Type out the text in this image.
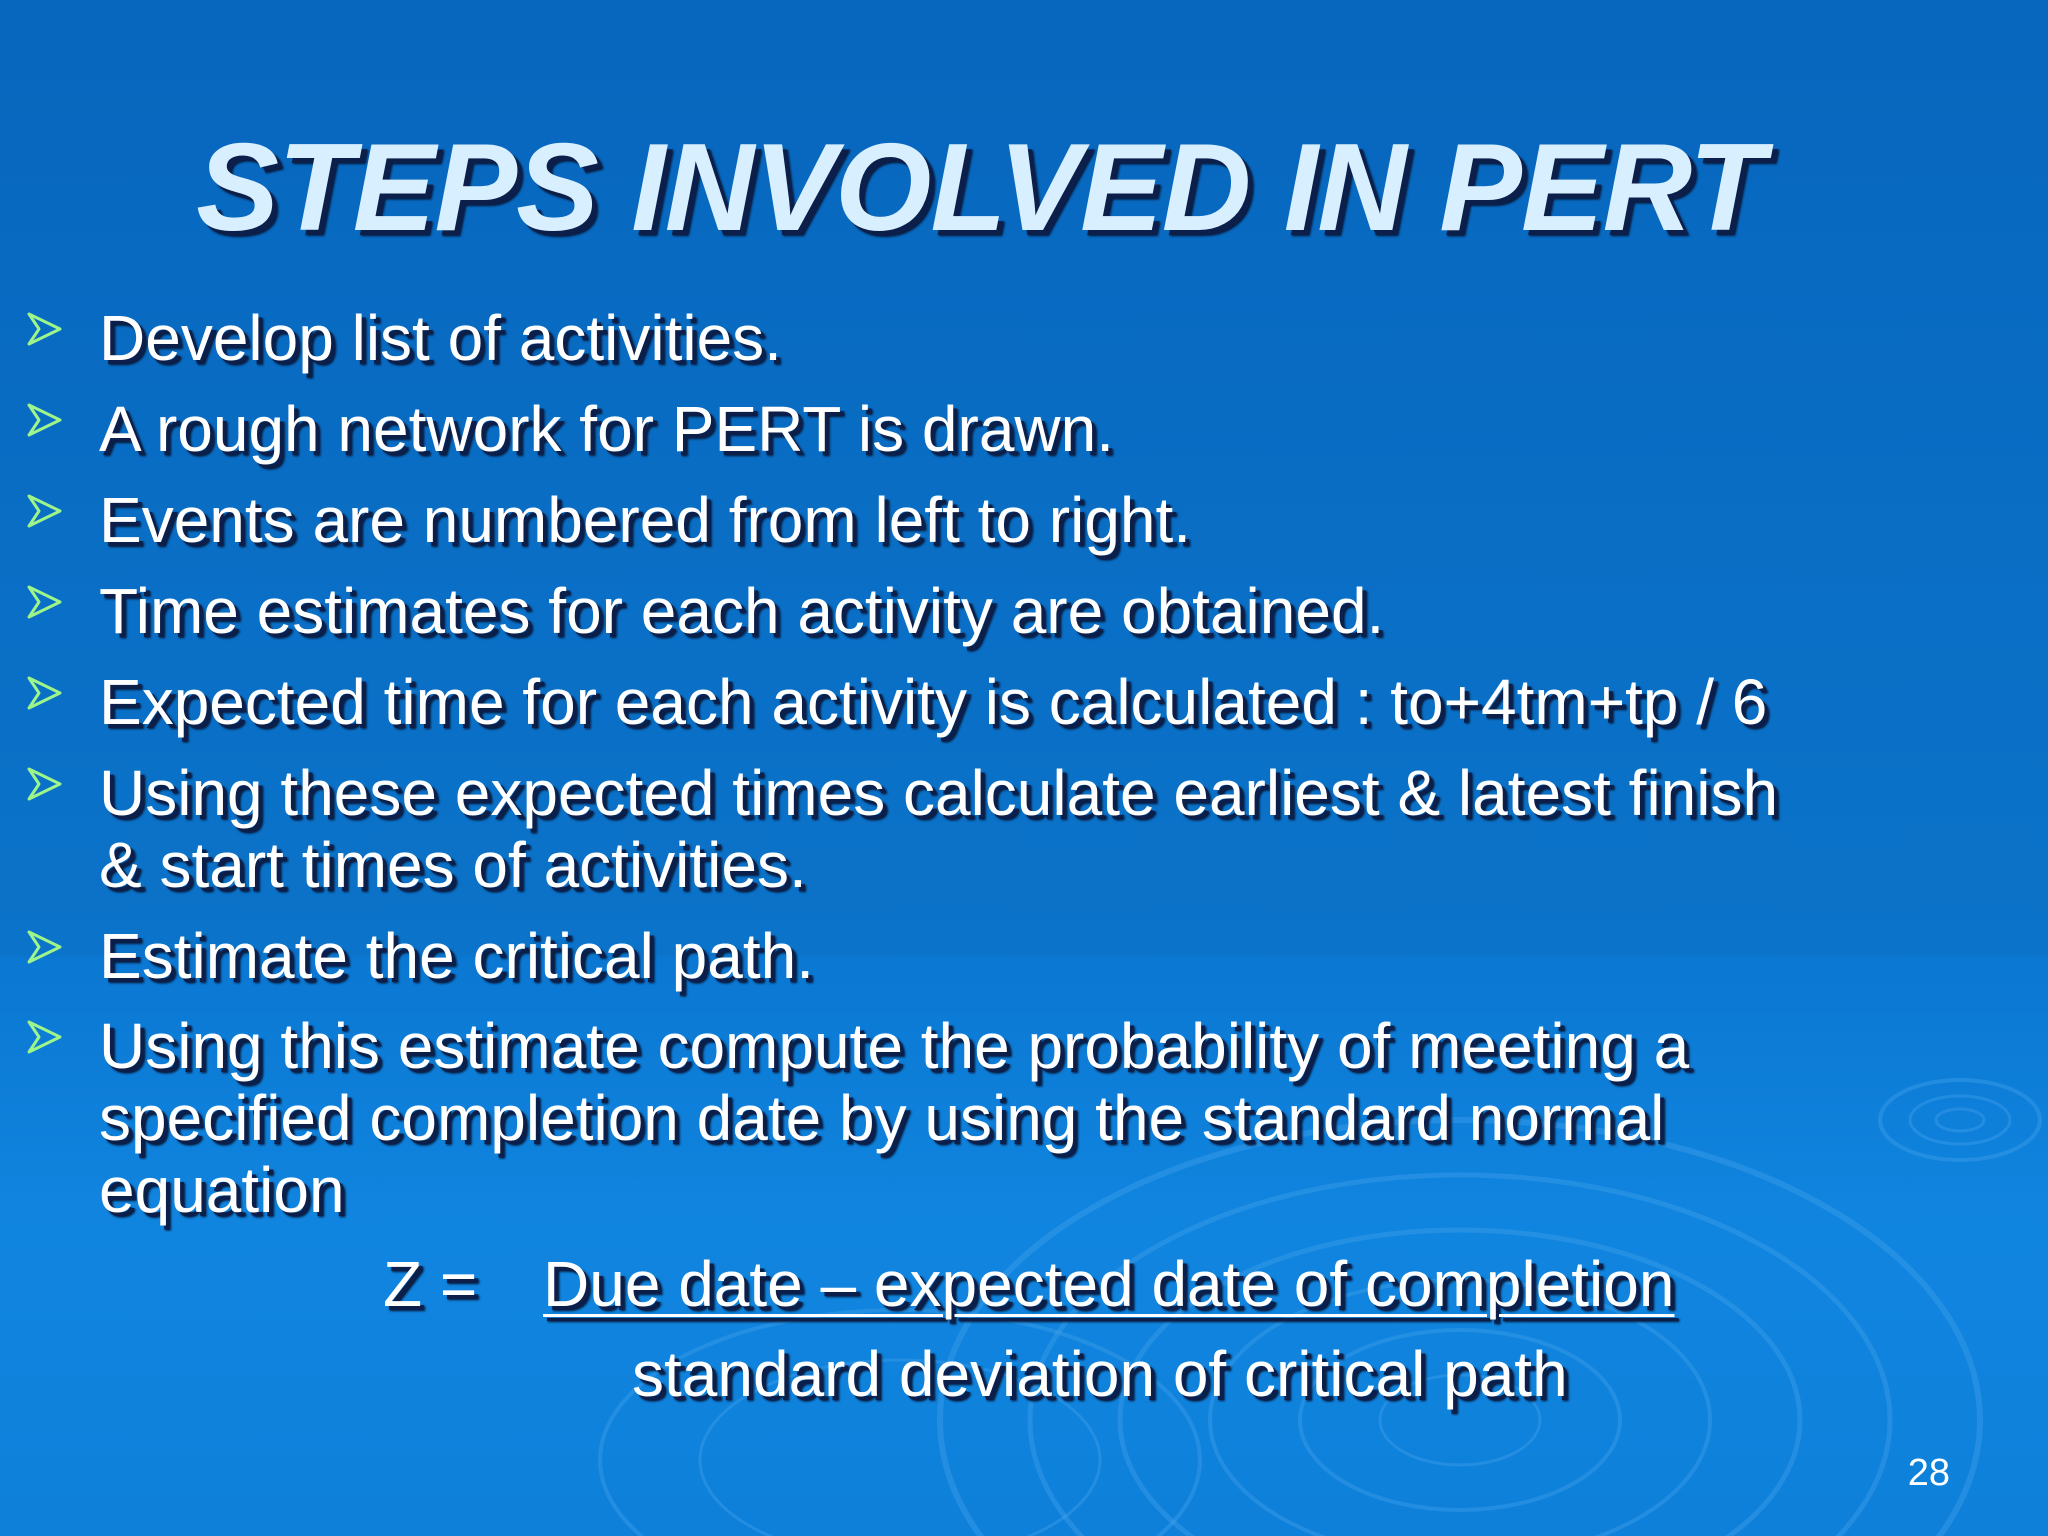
STEPS INVOLVED IN PERT
Develop list of activities.
A rough network for PERT is drawn.
Events are numbered from left to right.
Time estimates for each activity are obtained.
Expected time for each activity is calculated : to+4tm+tp / 6
Using these expected times calculate earliest & latest finish
& start times of activities.
Estimate the critical path.
Using this estimate compute the probability of meeting a
specified completion date by using the standard normal
equation
Z = Due date – expected date of completion
standard deviation of critical path
28
